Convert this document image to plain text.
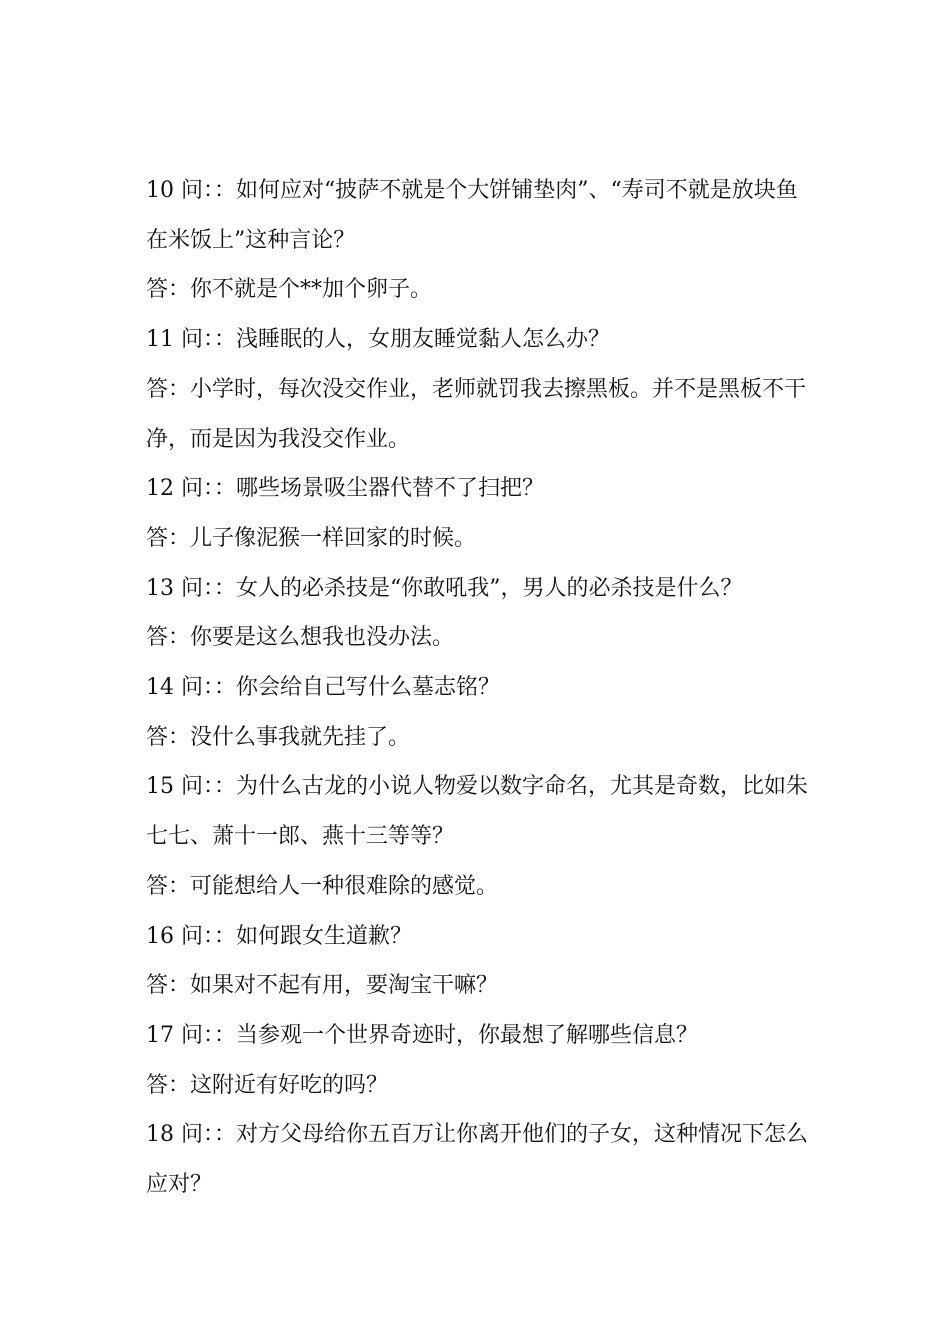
10 问：：如何应对“披萨不就是个大饼铺垫肉”、“寿司不就是放块鱼在米饭上”这种言论？

答：你不就是个**加个卵子。

11 问：：浅睡眠的人，女朋友睡觉黏人怎么办？

答：小学时，每次没交作业，老师就罚我去擦黑板。并不是黑板不干净，而是因为我没交作业。

12 问：：哪些场景吸尘器代替不了扫把？

答：儿子像泥猴一样回家的时候。

13 问：：女人的必杀技是“你敢吼我”，男人的必杀技是什么？

答：你要是这么想我也没办法。

14 问：：你会给自己写什么墓志铭？

答：没什么事我就先挂了。

15 问：：为什么古龙的小说人物爱以数字命名，尤其是奇数，比如朱七七、萧十一郎、燕十三等等？

答：可能想给人一种很难除的感觉。

16 问：：如何跟女生道歉？

答：如果对不起有用，要淘宝干嘛？

17 问：：当参观一个世界奇迹时，你最想了解哪些信息？

答：这附近有好吃的吗？

18 问：：对方父母给你五百万让你离开他们的子女，这种情况下怎么应对？
